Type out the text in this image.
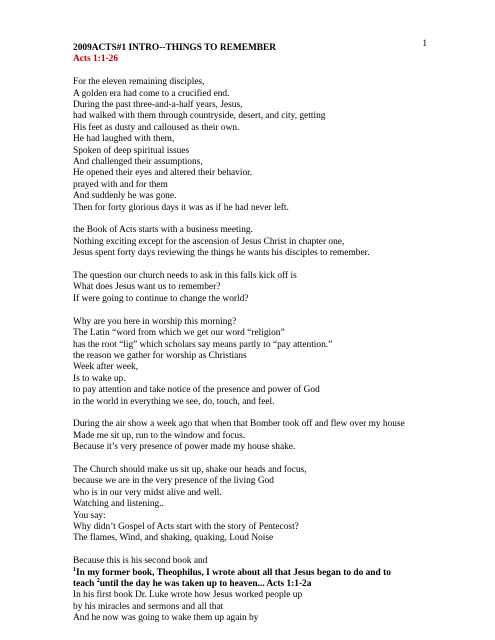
1
2009ACTS#1 INTRO--THINGS TO REMEMBER
Acts 1:1-26
For the eleven remaining disciples,
A golden era had come to a crucified end.
During the past three-and-a-half years, Jesus,
had walked with them through countryside, desert, and city, getting
His feet as dusty and calloused as their own.
He had laughed with them,
Spoken of deep spiritual issues
And challenged their assumptions,
He opened their eyes and altered their behavior.
prayed with and for them
And suddenly he was gone.
Then for forty glorious days it was as if he had never left.
the Book of Acts starts with a business meeting.
Nothing exciting except for the ascension of Jesus Christ in chapter one,
Jesus spent forty days reviewing the things he wants his disciples to remember.
The question our church needs to ask in this falls kick off is
What does Jesus want us to remember?
If were going to continue to change the world?
Why are you here in worship this morning?
The Latin “word from which we get our word “religion”
has the root “lig” which scholars say means partly to “pay attention.”
the reason we gather for worship as Christians
Week after week,
Is to wake up.
to pay attention and take notice of the presence and power of God
in the world in everything we see, do, touch, and feel.
During the air show a week ago that when that Bomber took off and flew over my house
Made me sit up, run to the window and focus.
Because it’s very presence of power made my house shake.
The Church should make us sit up, shake our heads and focus,
because we are in the very presence of the living God
who is in our very midst alive and well.
Watching and listening..
You say:
Why didn’t Gospel of Acts start with the story of Pentecost?
The flames, Wind, and shaking, quaking, Loud Noise
Because this is his second book and
$^1$In my former book, Theophilus, I wrote about all that Jesus began to do and to
teach $^2$until the day he was taken up to heaven... Acts 1:1-2a
In his first book Dr. Luke wrote how Jesus worked people up
by his miracles and sermons and all that
And he now was going to wake them up again by
